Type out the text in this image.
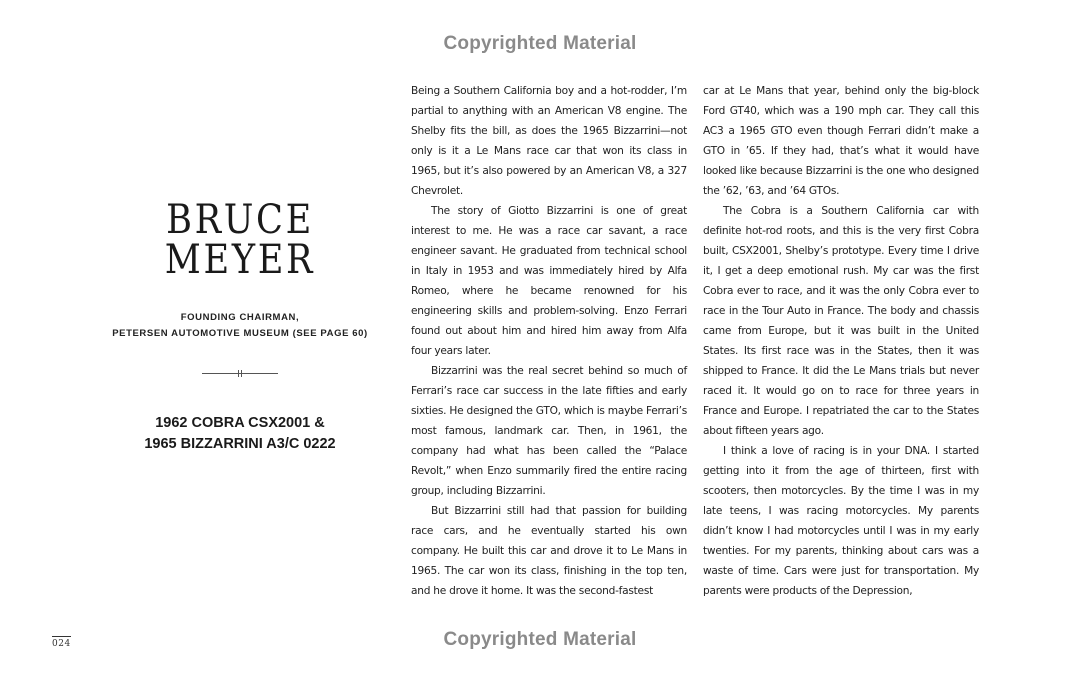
Copyrighted Material
BRUCE
MEYER
FOUNDING CHAIRMAN,
PETERSEN AUTOMOTIVE MUSEUM (SEE PAGE 60)
1962 COBRA CSX2001 &
1965 BIZZARRINI A3/C 0222

Being a Southern California boy and a hot-rodder, I’m partial to anything with an American V8 engine. The Shelby fits the bill, as does the 1965 Bizzarrini—not only is it a Le Mans race car that won its class in 1965, but it’s also powered by an American V8, a 327 Chevrolet.

The story of Giotto Bizzarrini is one of great interest to me. He was a race car savant, a race engineer savant. He graduated from technical school in Italy in 1953 and was immediately hired by Alfa Romeo, where he became renowned for his engineering skills and problem-solving. Enzo Ferrari found out about him and hired him away from Alfa four years later.

Bizzarrini was the real secret behind so much of Ferrari’s race car success in the late fifties and early sixties. He designed the GTO, which is maybe Ferrari’s most famous, landmark car. Then, in 1961, the company had what has been called the “Palace Revolt,” when Enzo summarily fired the entire racing group, including Bizzarrini.

But Bizzarrini still had that passion for building race cars, and he eventually started his own company. He built this car and drove it to Le Mans in 1965. The car won its class, finishing in the top ten, and he drove it home. It was the second-fastest

car at Le Mans that year, behind only the big-block Ford GT40, which was a 190 mph car. They call this AC3 a 1965 GTO even though Ferrari didn’t make a GTO in ’65. If they had, that’s what it would have looked like because Bizzarrini is the one who designed the ’62, ’63, and ’64 GTOs.

The Cobra is a Southern California car with definite hot-rod roots, and this is the very first Cobra built, CSX2001, Shelby’s prototype. Every time I drive it, I get a deep emotional rush. My car was the first Cobra ever to race, and it was the only Cobra ever to race in the Tour Auto in France. The body and chassis came from Europe, but it was built in the United States. Its first race was in the States, then it was shipped to France. It did the Le Mans trials but never raced it. It would go on to race for three years in France and Europe. I repatriated the car to the States about fifteen years ago.

I think a love of racing is in your DNA. I started getting into it from the age of thirteen, first with scooters, then motorcycles. By the time I was in my late teens, I was racing motorcycles. My parents didn’t know I had motorcycles until I was in my early twenties. For my parents, thinking about cars was a waste of time. Cars were just for transportation. My parents were products of the Depression,

Copyrighted Material
024
